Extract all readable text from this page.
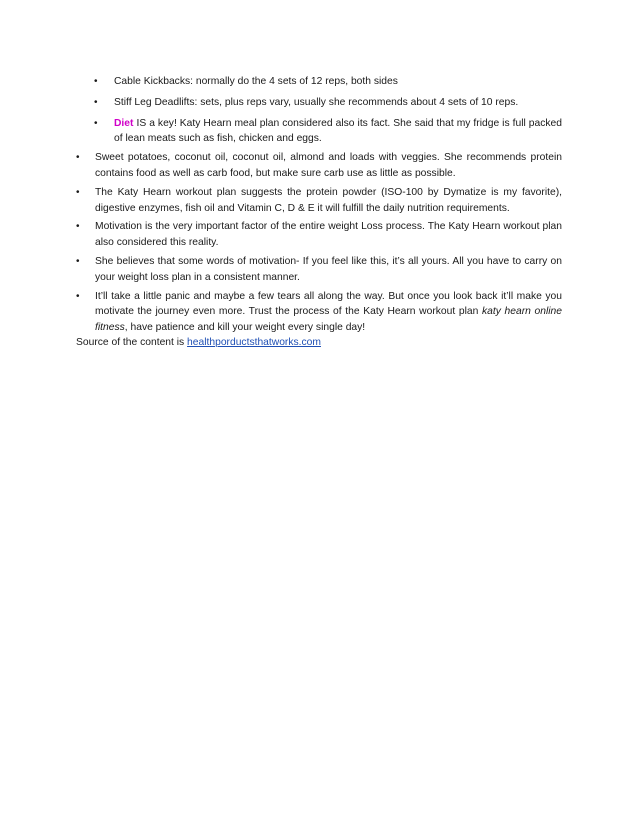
• Cable Kickbacks: normally do the 4 sets of 12 reps, both sides
• Stiff Leg Deadlifts: sets, plus reps vary, usually she recommends about 4 sets of 10 reps.
• Diet IS a key! Katy Hearn meal plan considered also its fact. She said that my fridge is full packed of lean meats such as fish, chicken and eggs.
• Sweet potatoes, coconut oil, coconut oil, almond and loads with veggies. She recommends protein contains food as well as carb food, but make sure carb use as little as possible.
• The Katy Hearn workout plan suggests the protein powder (ISO-100 by Dymatize is my favorite), digestive enzymes, fish oil and Vitamin C, D & E it will fulfill the daily nutrition requirements.
• Motivation is the very important factor of the entire weight Loss process. The Katy Hearn workout plan also considered this reality.
• She believes that some words of motivation- If you feel like this, it’s all yours. All you have to carry on your weight loss plan in a consistent manner.
• It’ll take a little panic and maybe a few tears all along the way. But once you look back it’ll make you motivate the journey even more. Trust the process of the Katy Hearn workout plan katy hearn online fitness, have patience and kill your weight every single day!
Source of the content is healthporductsthatworks.com
